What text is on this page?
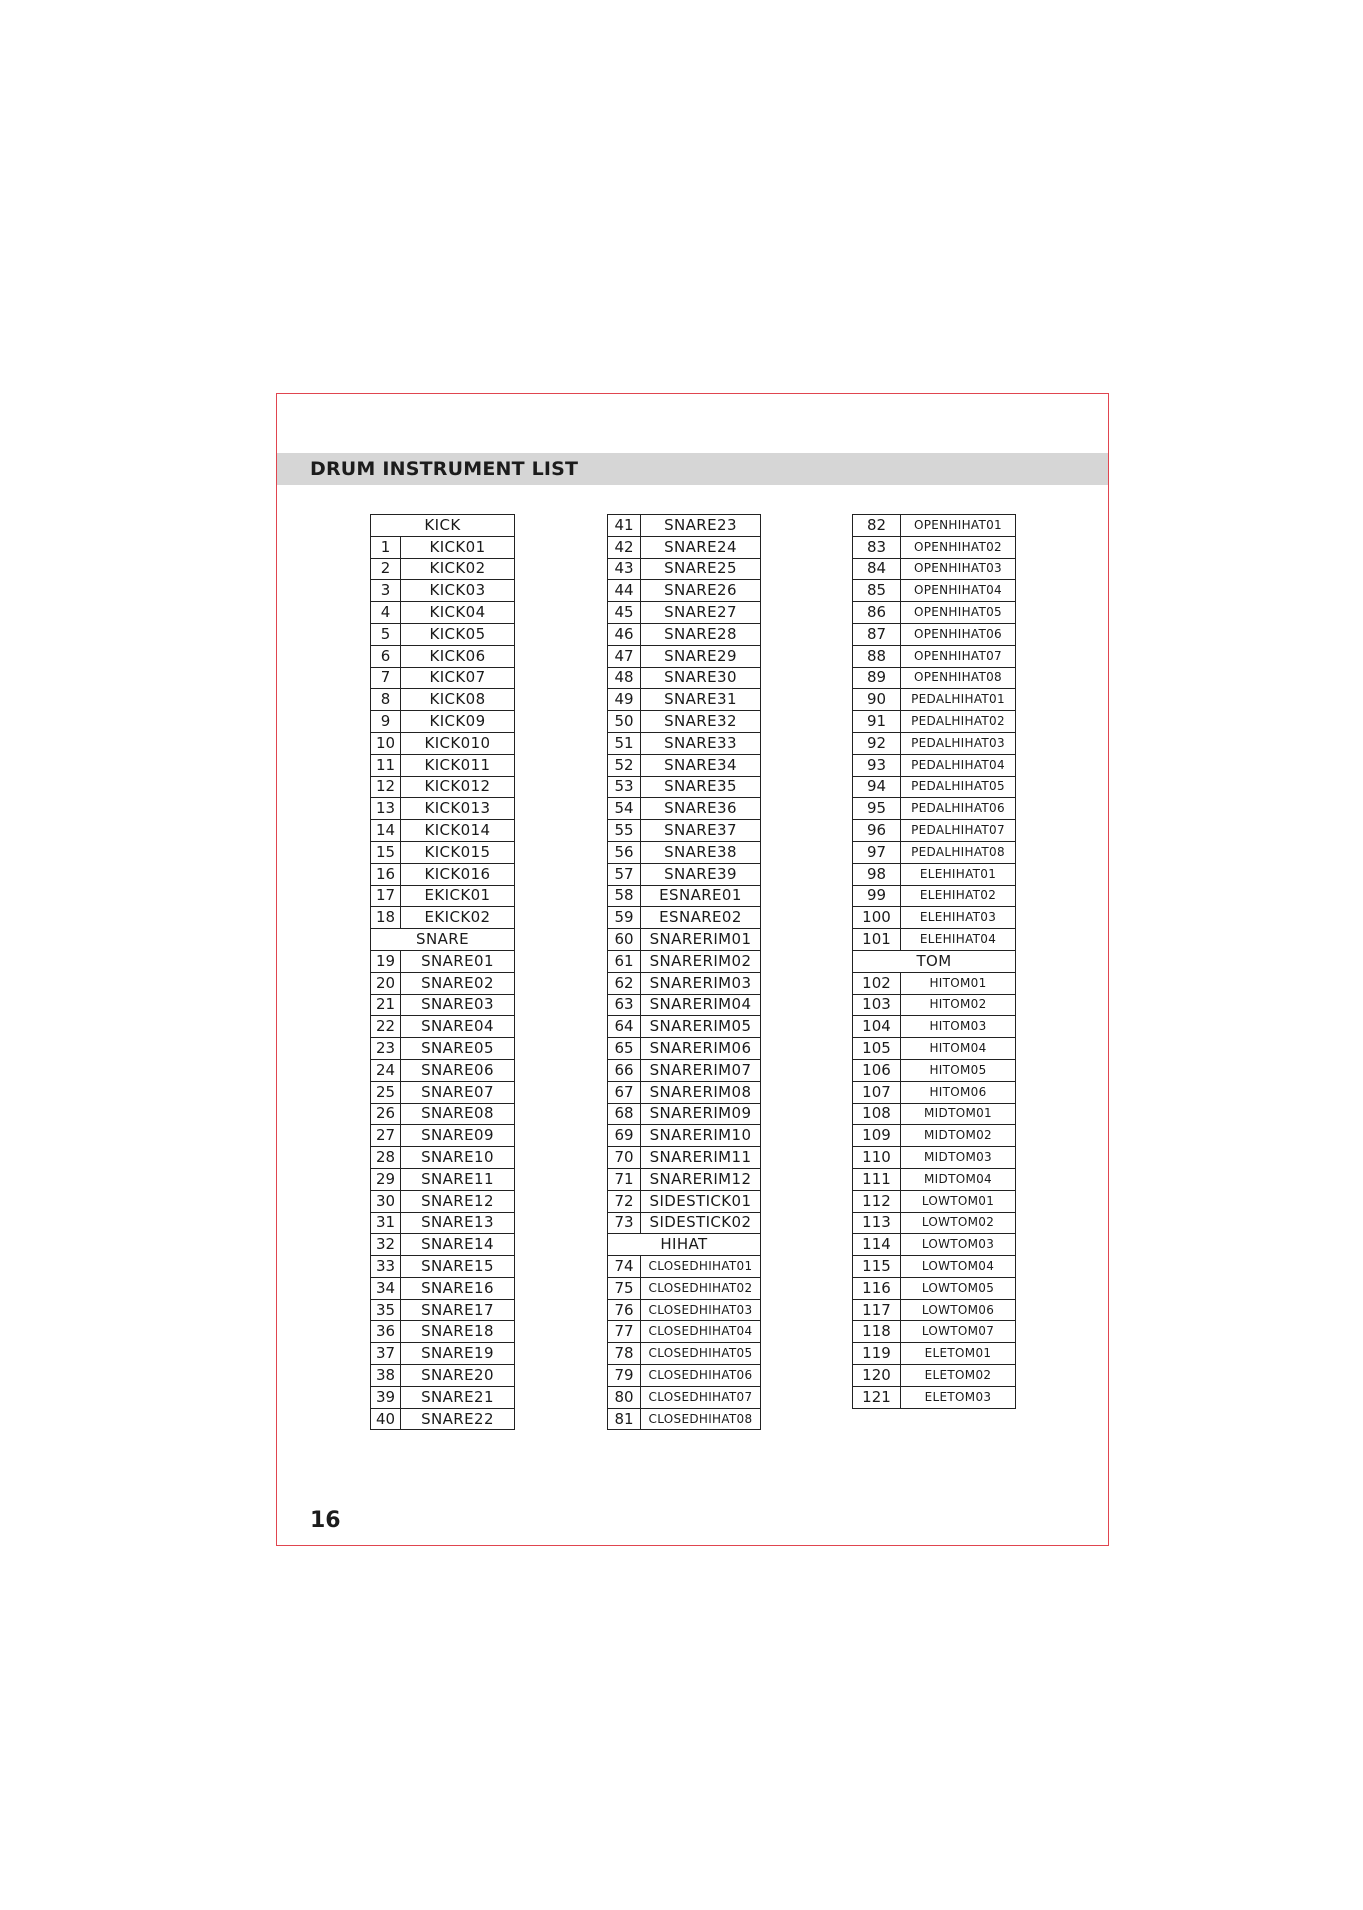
DRUM INSTRUMENT LIST
16
KICK	
1	KICK01
2	KICK02
3	KICK03
4	KICK04
5	KICK05
6	KICK06
7	KICK07
8	KICK08
9	KICK09
10	KICK010
11	KICK011
12	KICK012
13	KICK013
14	KICK014
15	KICK015
16	KICK016
17	EKICK01
18	EKICK02
SNARE	
19	SNARE01
20	SNARE02
21	SNARE03
22	SNARE04
23	SNARE05
24	SNARE06
25	SNARE07
26	SNARE08
27	SNARE09
28	SNARE10
29	SNARE11
30	SNARE12
31	SNARE13
32	SNARE14
33	SNARE15
34	SNARE16
35	SNARE17
36	SNARE18
37	SNARE19
38	SNARE20
39	SNARE21
40	SNARE22
41	SNARE23
42	SNARE24
43	SNARE25
44	SNARE26
45	SNARE27
46	SNARE28
47	SNARE29
48	SNARE30
49	SNARE31
50	SNARE32
51	SNARE33
52	SNARE34
53	SNARE35
54	SNARE36
55	SNARE37
56	SNARE38
57	SNARE39
58	ESNARE01
59	ESNARE02
60	SNARERIM01
61	SNARERIM02
62	SNARERIM03
63	SNARERIM04
64	SNARERIM05
65	SNARERIM06
66	SNARERIM07
67	SNARERIM08
68	SNARERIM09
69	SNARERIM10
70	SNARERIM11
71	SNARERIM12
72	SIDESTICK01
73	SIDESTICK02
HIHAT	
74	CLOSEDHIHAT01
75	CLOSEDHIHAT02
76	CLOSEDHIHAT03
77	CLOSEDHIHAT04
78	CLOSEDHIHAT05
79	CLOSEDHIHAT06
80	CLOSEDHIHAT07
81	CLOSEDHIHAT08
82	OPENHIHAT01
83	OPENHIHAT02
84	OPENHIHAT03
85	OPENHIHAT04
86	OPENHIHAT05
87	OPENHIHAT06
88	OPENHIHAT07
89	OPENHIHAT08
90	PEDALHIHAT01
91	PEDALHIHAT02
92	PEDALHIHAT03
93	PEDALHIHAT04
94	PEDALHIHAT05
95	PEDALHIHAT06
96	PEDALHIHAT07
97	PEDALHIHAT08
98	ELEHIHAT01
99	ELEHIHAT02
100	ELEHIHAT03
101	ELEHIHAT04
TOM	
102	HITOM01
103	HITOM02
104	HITOM03
105	HITOM04
106	HITOM05
107	HITOM06
108	MIDTOM01
109	MIDTOM02
110	MIDTOM03
111	MIDTOM04
112	LOWTOM01
113	LOWTOM02
114	LOWTOM03
115	LOWTOM04
116	LOWTOM05
117	LOWTOM06
118	LOWTOM07
119	ELETOM01
120	ELETOM02
121	ELETOM03
